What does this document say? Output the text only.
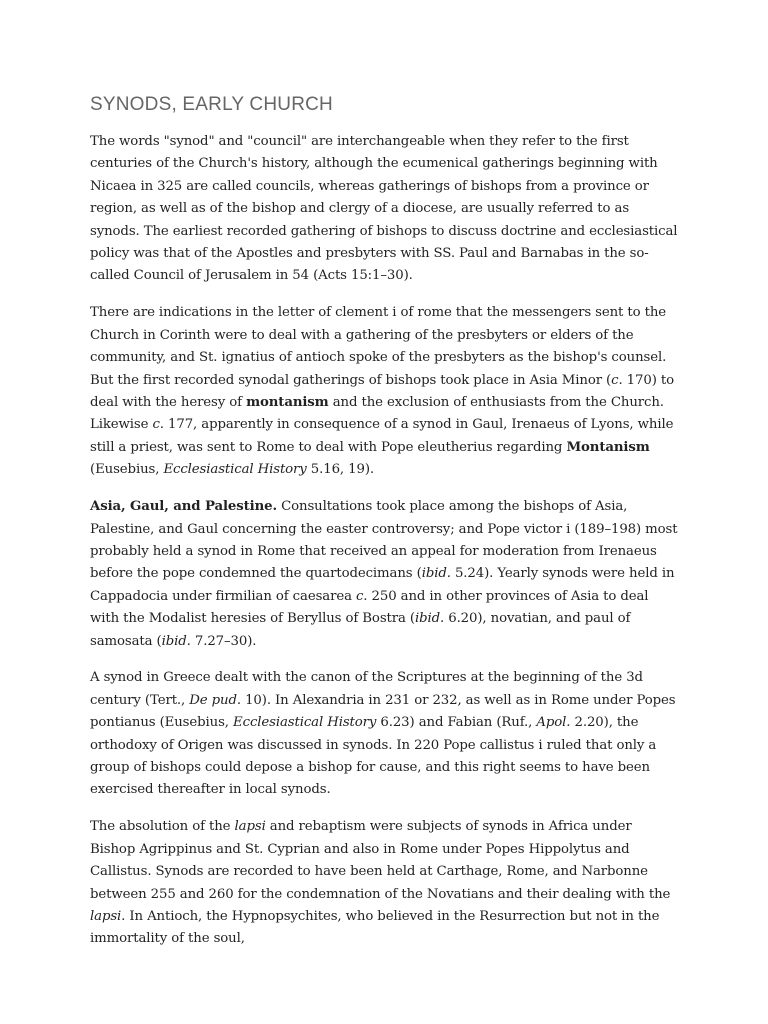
SYNODS, EARLY CHURCH

The words "synod" and "council" are interchangeable when they refer to the first centuries of the Church's history, although the ecumenical gatherings beginning with Nicaea in 325 are called councils, whereas gatherings of bishops from a province or region, as well as of the bishop and clergy of a diocese, are usually referred to as synods. The earliest recorded gathering of bishops to discuss doctrine and ecclesiastical policy was that of the Apostles and presbyters with SS. Paul and Barnabas in the so-called Council of Jerusalem in 54 (Acts 15:1–30).

There are indications in the letter of clement i of rome that the messengers sent to the Church in Corinth were to deal with a gathering of the presbyters or elders of the community, and St. ignatius of antioch spoke of the presbyters as the bishop's counsel. But the first recorded synodal gatherings of bishops took place in Asia Minor (c. 170) to deal with the heresy of montanism and the exclusion of enthusiasts from the Church. Likewise c. 177, apparently in consequence of a synod in Gaul, Irenaeus of Lyons, while still a priest, was sent to Rome to deal with Pope eleutherius regarding Montanism (Eusebius, Ecclesiastical History 5.16, 19).

Asia, Gaul, and Palestine. Consultations took place among the bishops of Asia, Palestine, and Gaul concerning the easter controversy; and Pope victor i (189–198) most probably held a synod in Rome that received an appeal for moderation from Irenaeus before the pope condemned the quartodecimans (ibid. 5.24). Yearly synods were held in Cappadocia under firmilian of caesarea c. 250 and in other provinces of Asia to deal with the Modalist heresies of Beryllus of Bostra (ibid. 6.20), novatian, and paul of samosata (ibid. 7.27–30).

A synod in Greece dealt with the canon of the Scriptures at the beginning of the 3d century (Tert., De pud. 10). In Alexandria in 231 or 232, as well as in Rome under Popes pontianus (Eusebius, Ecclesiastical History 6.23) and Fabian (Ruf., Apol. 2.20), the orthodoxy of Origen was discussed in synods. In 220 Pope callistus i ruled that only a group of bishops could depose a bishop for cause, and this right seems to have been exercised thereafter in local synods.

The absolution of the lapsi and rebaptism were subjects of synods in Africa under Bishop Agrippinus and St. Cyprian and also in Rome under Popes Hippolytus and Callistus. Synods are recorded to have been held at Carthage, Rome, and Narbonne between 255 and 260 for the condemnation of the Novatians and their dealing with the lapsi. In Antioch, the Hypnopsychites, who believed in the Resurrection but not in the immortality of the soul,
